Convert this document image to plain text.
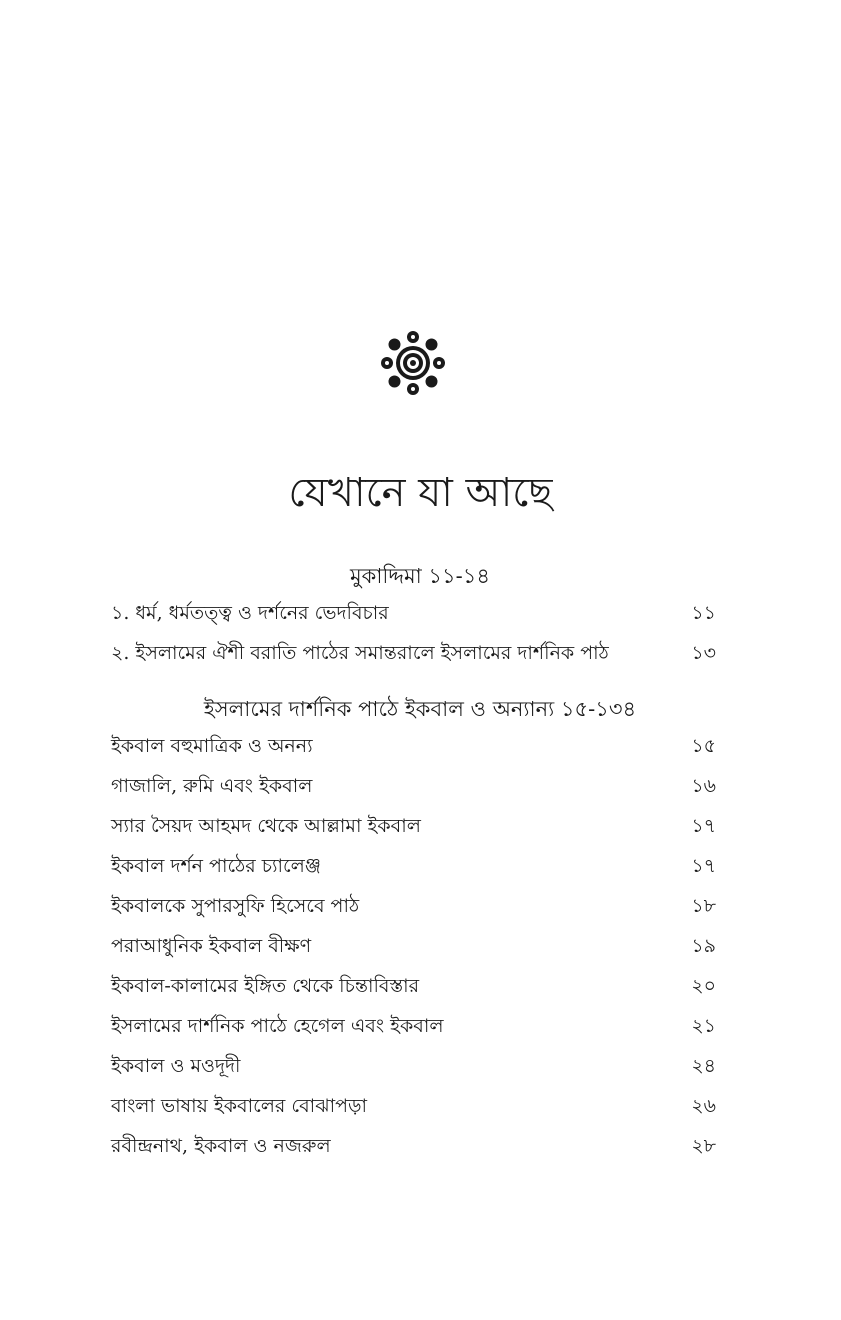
যেখানে যা আছে
মুকাদ্দিমা ১১-১৪
১. ধর্ম, ধর্মতত্ত্ব ও দর্শনের ভেদবিচার	১১
২. ইসলামের ঐশী বরাতি পাঠের সমান্তরালে ইসলামের দার্শনিক পাঠ	১৩
ইসলামের দার্শনিক পাঠে ইকবাল ও অন্যান্য ১৫-১৩৪
ইকবাল বহুমাত্রিক ও অনন্য	১৫
গাজালি, রুমি এবং ইকবাল	১৬
স্যার সৈয়দ আহমদ থেকে আল্লামা ইকবাল	১৭
ইকবাল দর্শন পাঠের চ্যালেঞ্জ	১৭
ইকবালকে সুপারসুফি হিসেবে পাঠ	১৮
পরাআধুনিক ইকবাল বীক্ষণ	১৯
ইকবাল-কালামের ইঙ্গিত থেকে চিন্তাবিস্তার	২০
ইসলামের দার্শনিক পাঠে হেগেল এবং ইকবাল	২১
ইকবাল ও মওদূদী	২৪
বাংলা ভাষায় ইকবালের বোঝাপড়া	২৬
রবীন্দ্রনাথ, ইকবাল ও নজরুল	২৮
